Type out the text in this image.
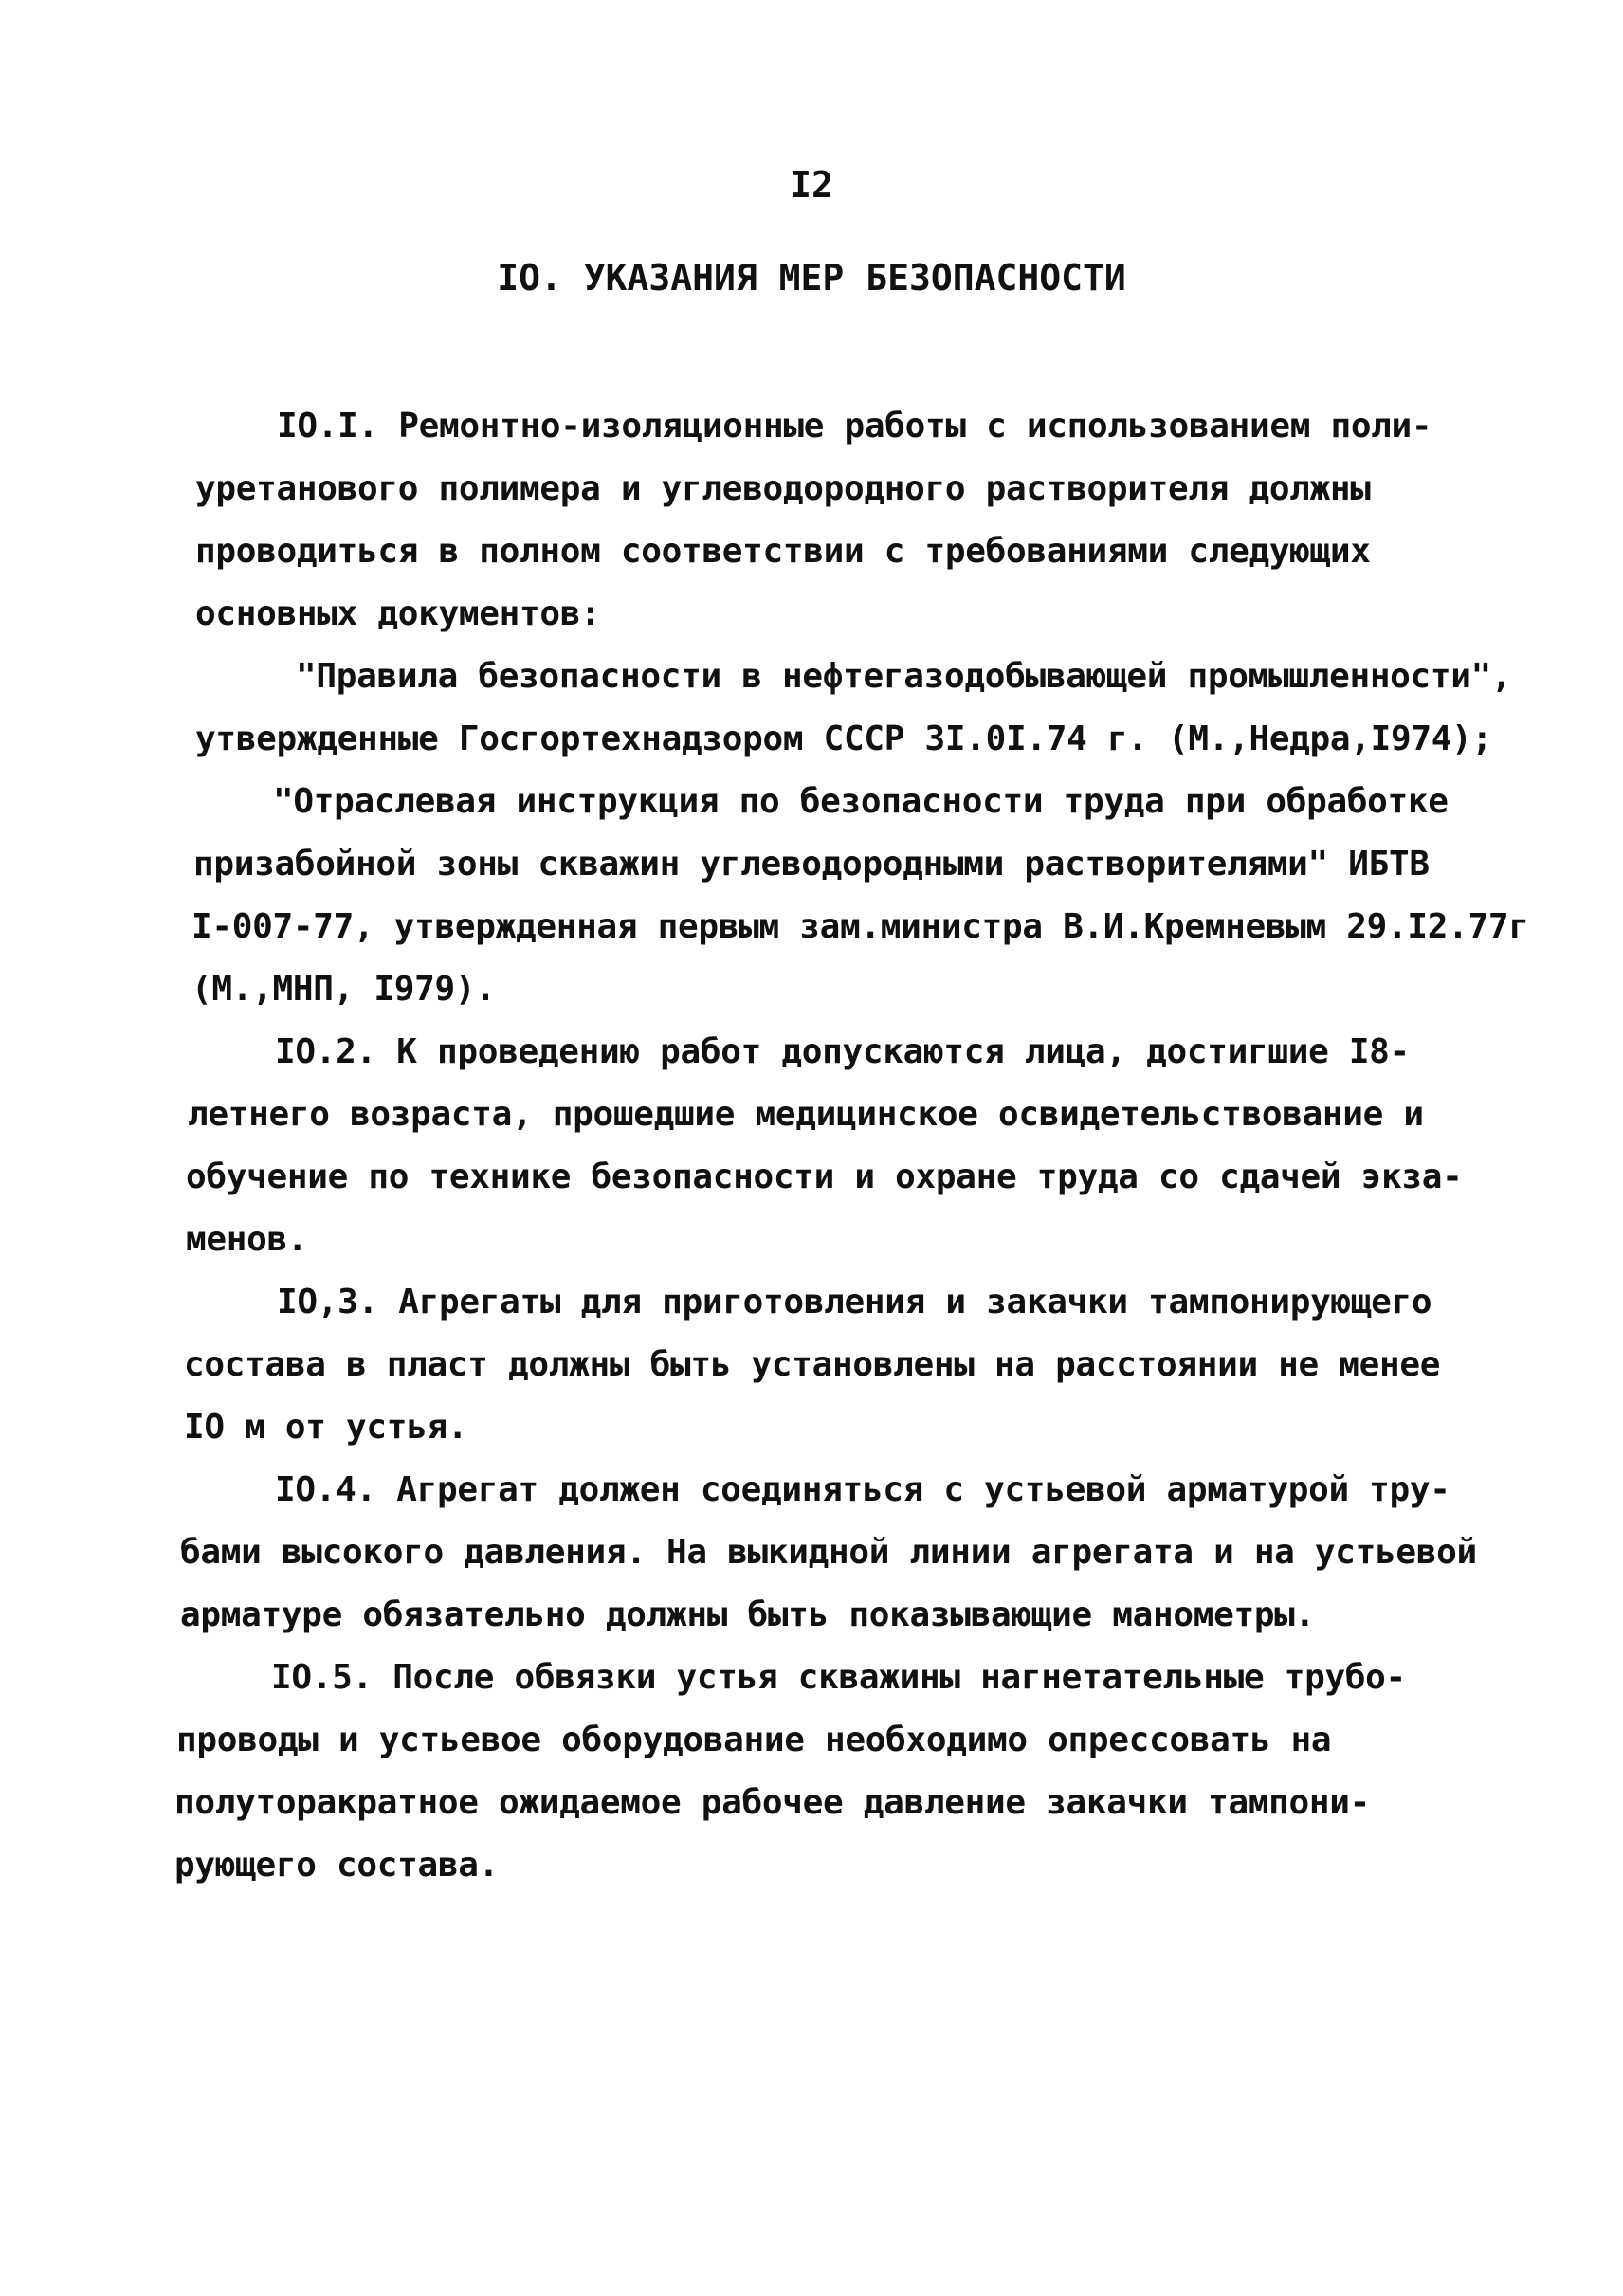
I2
IO. УКАЗАНИЯ МЕР БЕЗОПАСНОСТИ
IO.I. Ремонтно-изоляционные работы с использованием поли-
уретанового полимера и углеводородного растворителя должны
проводиться в полном соответствии с требованиями следующих
основных документов:
"Правила безопасности в нефтегазодобывающей промышленности",
утвержденные Госгортехнадзором СССР 3I.0I.74 г. (М.,Недра,I974);
"Отраслевая инструкция по безопасности труда при обработке
призабойной зоны скважин углеводородными растворителями" ИБТВ
I-007-77, утвержденная первым зам.министра В.И.Кремневым 29.I2.77г
(М.,МНП, I979).
IO.2. К проведению работ допускаются лица, достигшие I8-
летнего возраста, прошедшие медицинское освидетельствование и
обучение по технике безопасности и охране труда со сдачей экза-
менов.
IO,3. Агрегаты для приготовления и закачки тампонирующего
состава в пласт должны быть установлены на расстоянии не менее
IO м от устья.
IO.4. Агрегат должен соединяться с устьевой арматурой тру-
бами высокого давления. На выкидной линии агрегата и на устьевой
арматуре обязательно должны быть показывающие манометры.
IO.5. После обвязки устья скважины нагнетательные трубо-
проводы и устьевое оборудование необходимо опрессовать на
полуторакратное ожидаемое рабочее давление закачки тампони-
рующего состава.
